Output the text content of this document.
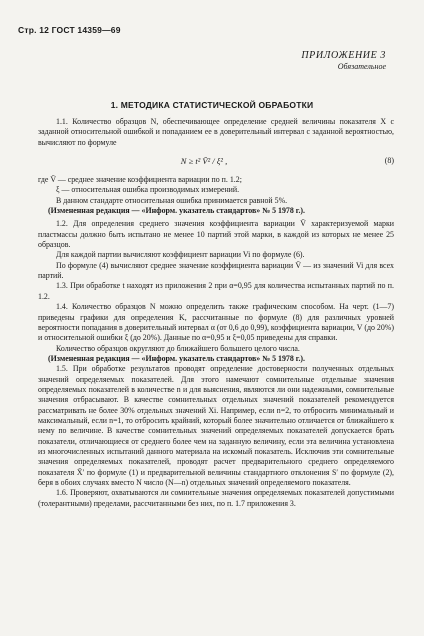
Стр. 12 ГОСТ 14359—69
ПРИЛОЖЕНИЕ 3
Обязательное
1. МЕТОДИКА СТАТИСТИЧЕСКОЙ ОБРАБОТКИ

1.1. Количество образцов N, обеспечивающее определение средней величины показателя X с заданной относительной ошибкой и попаданием ее в доверительный интервал с заданной вероятностью, вычисляют по формуле

N ≥ t² V̄² / ξ² ,	(8)

где V̄ — среднее значение коэффициента вариации по п. 1.2;

ξ — относительная ошибка производимых измерений.

В данном стандарте относительная ошибка принимается равной 5%.

(Измененная редакция — «Информ. указатель стандартов» № 5 1978 г.).

1.2. Для определения среднего значения коэффициента вариации V̄ характеризуемой марки пластмассы должно быть испытано не менее 10 партий этой марки, в каждой из которых не менее 25 образцов.

Для каждой партии вычисляют коэффициент вариации Vi по формуле (6).

По формуле (4) вычисляют среднее значение коэффициента вариации V̄ — из значений Vi для всех партий.

1.3. При обработке t находят из приложения 2 при α=0,95 для количества испытанных партий по п. 1.2.

1.4. Количество образцов N можно определить также графическим способом. На черт. (1—7) приведены графики для определения K, рассчитанные по формуле (8) для различных уровней вероятности попадания в доверительный интервал α (от 0,6 до 0,99), коэффициента вариации, V (до 20%) и относительной ошибки ξ (до 20%). Данные по α=0,95 и ξ=0,05 приведены для справки.

Количество образцов округляют до ближайшего большего целого числа.

(Измененная редакция — «Информ. указатель стандартов» № 5 1978 г.).

1.5. При обработке результатов проводят определение достоверности полученных отдельных значений определяемых показателей. Для этого намечают сомнительные отдельные значения определяемых показателей в количестве n и для выяснения, являются ли они надежными, сомнительные значения отбрасывают. В качестве сомнительных отдельных значений показателей рекомендуется рассматривать не более 30% отдельных значений Xi. Например, если n=2, то отбросить минимальный и максимальный, если n=1, то отбросить крайний, который более значительно отличается от ближайшего к нему по величине. В качестве сомнительных значений определяемых показателей допускается брать показатели, отличающиеся от среднего более чем на заданную величину, если эта величина установлена из многочисленных испытаний данного материала на искомый показатель. Исключив эти сомнительные значения определяемых показателей, проводят расчет предварительного среднего определяемого показателя X̄′ по формуле (1) и предварительной величины стандартного отклонения S′ по формуле (2), беря в обоих случаях вместо N число (N—n) отдельных значений определяемого показателя.

1.6. Проверяют, охватываются ли сомнительные значения определяемых показателей допустимыми (толерантными) пределами, рассчитанными без них, по п. 1.7 приложения 3.
